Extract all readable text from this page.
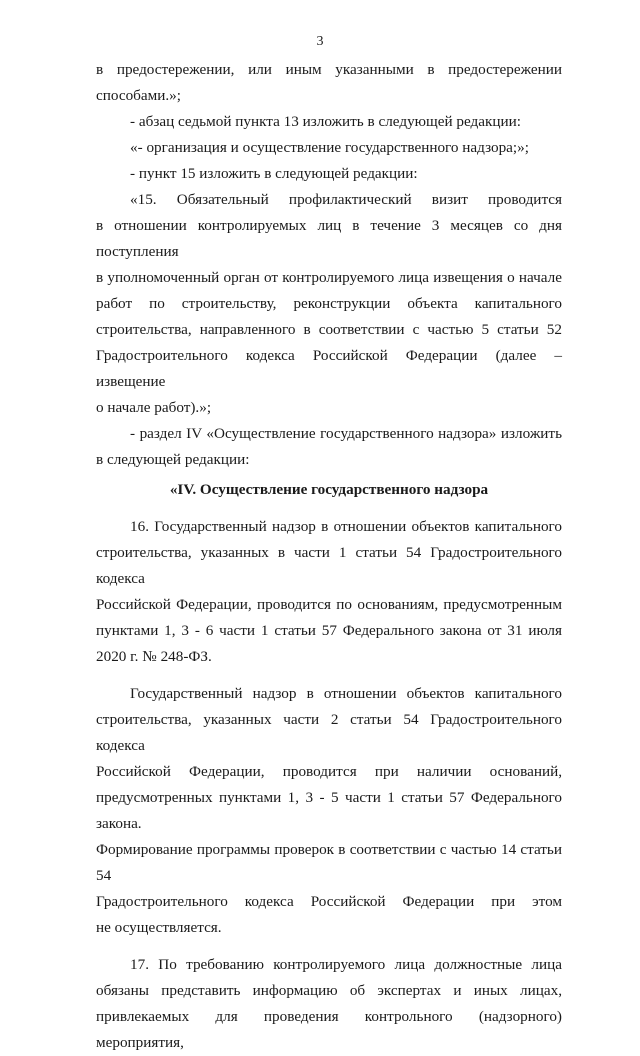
3

в предостережении, или иным указанными в предостережении

способами.»;

- абзац седьмой пункта 13 изложить в следующей редакции:

«- организация и осуществление государственного надзора;»;

- пункт 15 изложить в следующей редакции:

«15. Обязательный профилактический визит проводится

в отношении контролируемых лиц в течение 3 месяцев со дня поступления

в уполномоченный орган от контролируемого лица извещения о начале

работ по строительству, реконструкции объекта капитального

строительства, направленного в соответствии с частью 5 статьи 52

Градостроительного кодекса Российской Федерации (далее – извещение

о начале работ).»;

- раздел IV «Осуществление государственного надзора» изложить

в следующей редакции:

«IV. Осуществление государственного надзора

16. Государственный надзор в отношении объектов капитального

строительства, указанных в части 1 статьи 54 Градостроительного кодекса

Российской Федерации, проводится по основаниям, предусмотренным

пунктами 1, 3 - 6 части 1 статьи 57 Федерального закона от 31 июля

2020 г. № 248-ФЗ.

Государственный надзор в отношении объектов капитального

строительства, указанных части 2 статьи 54 Градостроительного кодекса

Российской Федерации, проводится при наличии оснований,

предусмотренных пунктами 1, 3 - 5 части 1 статьи 57 Федерального закона.

Формирование программы проверок в соответствии с частью 14 статьи 54

Градостроительного кодекса Российской Федерации при этом

не осуществляется.

17. По требованию контролируемого лица должностные лица

обязаны представить информацию об экспертах и иных лицах,

привлекаемых для проведения контрольного (надзорного) мероприятия,
